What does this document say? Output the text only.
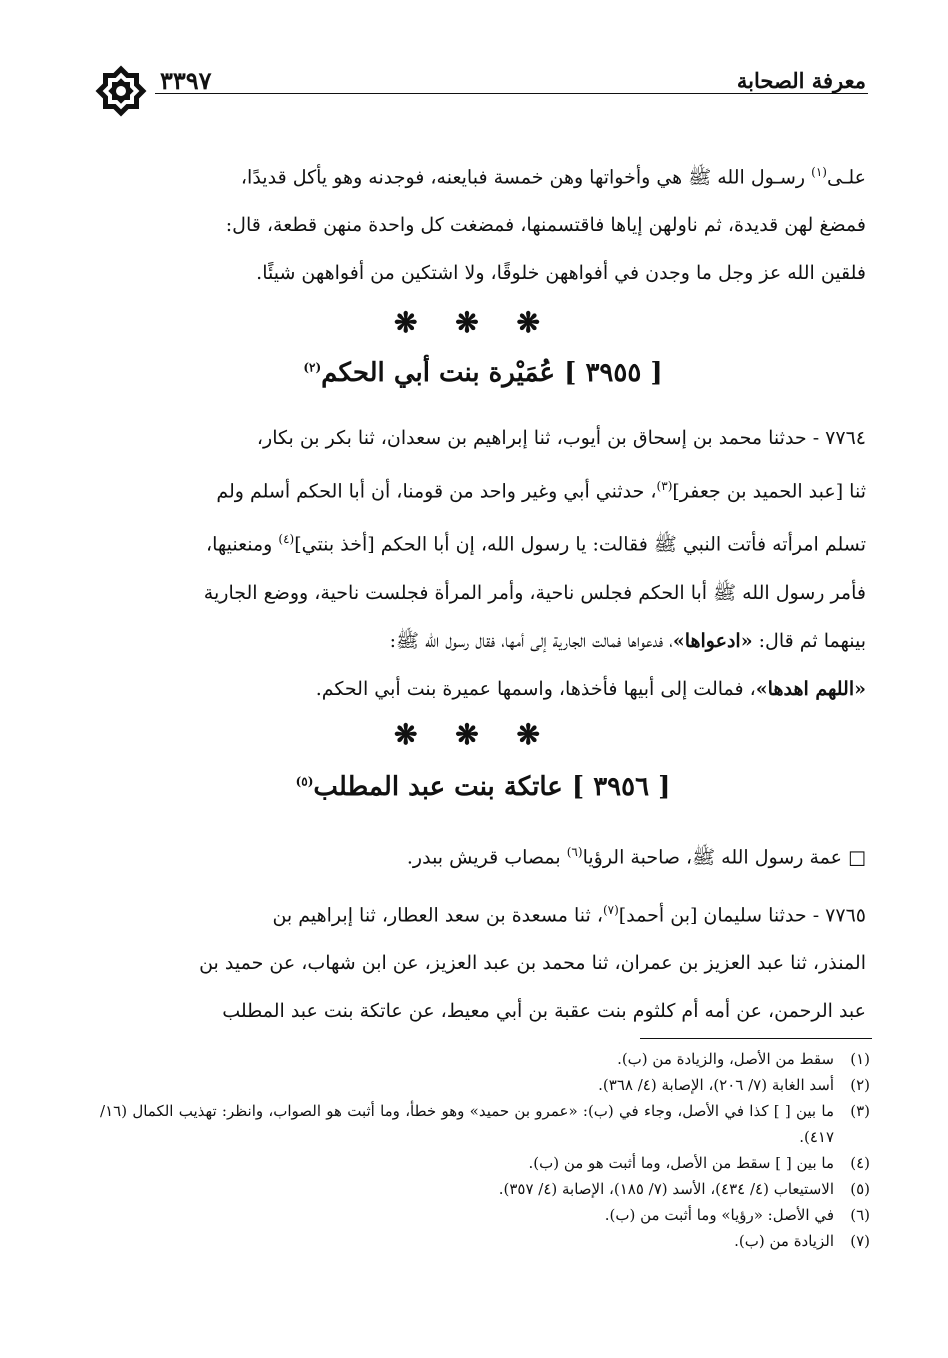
معرفة الصحابة
٣٣٩٧
علـى$^{(١)}$ رسـول الله ﷺ هي وأخواتها وهن خمسة فبايعنه، فوجدنه وهو يأكل قديدًا،
فمضغ لهن قديدة، ثم ناولهن إياها فاقتسمنها، فمضغت كل واحدة منهن قطعة، قال:
فلقين الله عز وجل ما وجدن في أفواههن خلوقًا، ولا اشتكين من أفواههن شيئًا.
❋ ❋ ❋
[ ٣٩٥٥ ] عُمَيْرة بنت أبي الحكم$^{(٢)}$
٧٧٦٤ - حدثنا محمد بن إسحاق بن أيوب، ثنا إبراهيم بن سعدان، ثنا بكر بن بكار،
ثنا [عبد الحميد بن جعفر]$^{(٣)}$، حدثني أبي وغير واحد من قومنا، أن أبا الحكم أسلم ولم
تسلم امرأته فأتت النبي ﷺ فقالت: يا رسول الله، إن أبا الحكم [أخذ بنتي]$^{(٤)}$ ومنعنيها،
فأمر رسول الله ﷺ أبا الحكم فجلس ناحية، وأمر المرأة فجلست ناحية، ووضع الجارية
بينهما ثم قال: «ادعواها»، فدعواها فمالت الجارية إلى أمها، فقال رسول الله ﷺ:
«اللهم اهدها»، فمالت إلى أبيها فأخذها، واسمها عميرة بنت أبي الحكم.
❋ ❋ ❋
[ ٣٩٥٦ ] عاتكة بنت عبد المطلب$^{(٥)}$
□ عمة رسول الله ﷺ، صاحبة الرؤيا$^{(٦)}$ بمصاب قريش ببدر.
٧٧٦٥ - حدثنا سليمان [بن أحمد]$^{(٧)}$، ثنا مسعدة بن سعد العطار، ثنا إبراهيم بن
المنذر، ثنا عبد العزيز بن عمران، ثنا محمد بن عبد العزيز، عن ابن شهاب، عن حميد بن
عبد الرحمن، عن أمه أم كلثوم بنت عقبة بن أبي معيط، عن عاتكة بنت عبد المطلب
(١)
سقط من الأصل، والزيادة من (ب).
(٢)
أسد الغابة (٧/ ٢٠٦)، الإصابة (٤/ ٣٦٨).
(٣)
ما بين [ ] كذا في الأصل، وجاء في (ب): «عمرو بن حميد» وهو خطأ، وما أثبت هو الصواب، وانظر: تهذيب الكمال (١٦/ ٤١٧).
(٤)
ما بين [ ] سقط من الأصل، وما أثبت هو من (ب).
(٥)
الاستيعاب (٤/ ٤٣٤)، الأسد (٧/ ١٨٥)، الإصابة (٤/ ٣٥٧).
(٦)
في الأصل: «رؤيا» وما أثبت من (ب).
(٧)
الزيادة من (ب).
